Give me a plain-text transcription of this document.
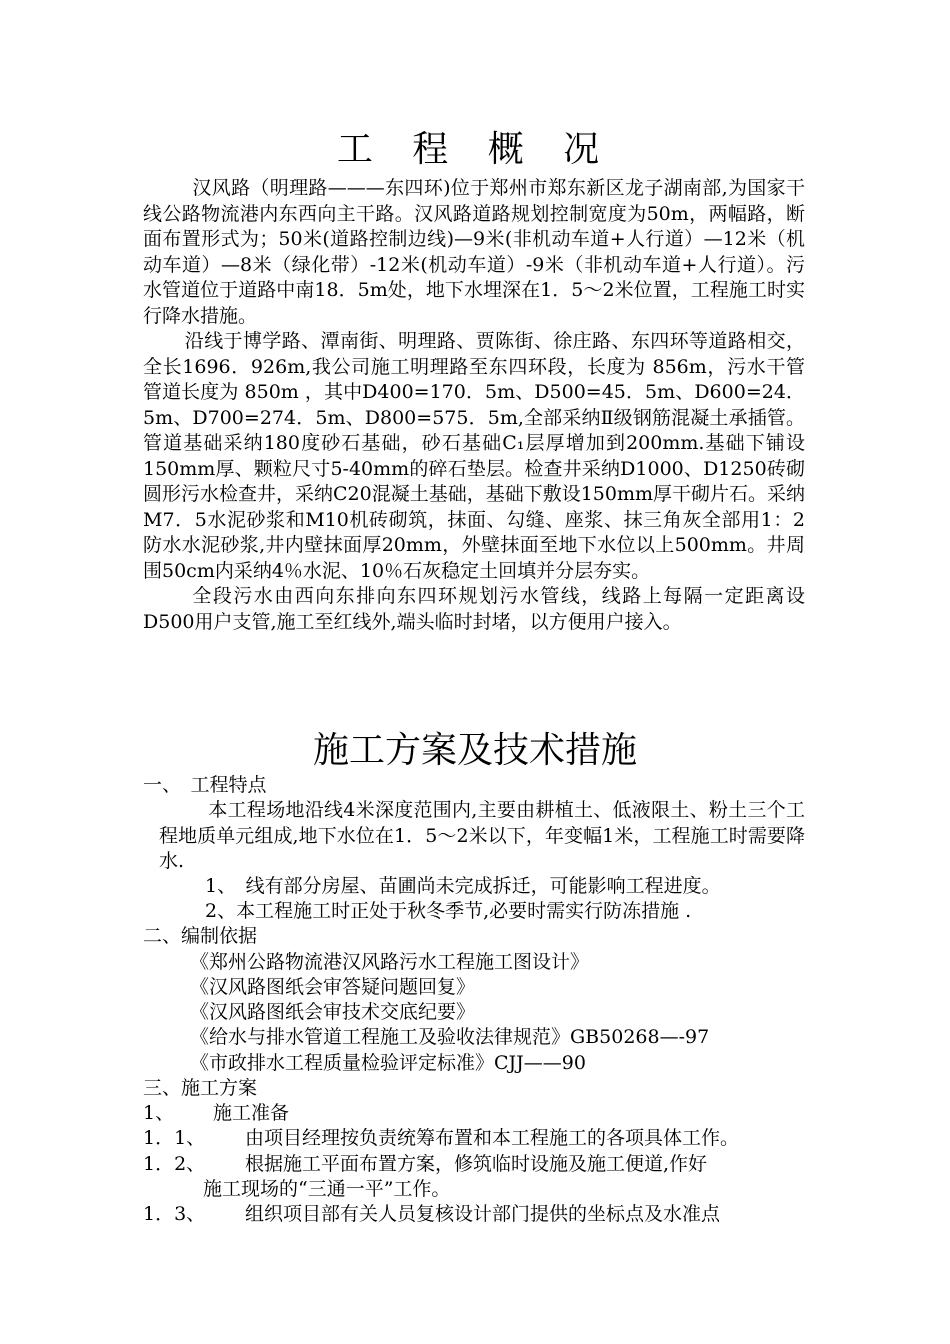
工 程 概 况

汉风路（明理路———东四环)位于郑州市郑东新区龙子湖南部,为国家干线公路物流港内东西向主干路。汉风路道路规划控制宽度为50m，两幅路，断面布置形式为；50米(道路控制边线)—9米(非机动车道+人行道）—12米（机动车道）—8米（绿化带）-12米(机动车道）-9米（非机动车道+人行道）。污水管道位于道路中南18．5m处，地下水埋深在1．5～2米位置，工程施工时实行降水措施。

沿线于博学路、潭南街、明理路、贾陈街、徐庄路、东四环等道路相交，全长1696．926m,我公司施工明理路至东四环段，长度为 856m，污水干管管道长度为 850m ，其中D400=170．5m、D500=45．5m、D600=24．5m、D700=274．5m、D800=575．5m,全部采纳Ⅱ级钢筋混凝土承插管。管道基础采纳180度砂石基础，砂石基础C₁层厚增加到200mm.基础下铺设150mm厚、颗粒尺寸5-40mm的碎石垫层。检查井采纳D1000、D1250砖砌圆形污水检查井，采纳C20混凝土基础，基础下敷设150mm厚干砌片石。采纳M7．5水泥砂浆和M10机砖砌筑，抹面、勾缝、座浆、抹三角灰全部用1：2防水水泥砂浆,井内壁抹面厚20mm，外壁抹面至地下水位以上500mm。井周围50cm内采纳4％水泥、10％石灰稳定土回填并分层夯实。

全段污水由西向东排向东四环规划污水管线，线路上每隔一定距离设D500用户支管,施工至红线外,端头临时封堵，以方便用户接入。

施工方案及技术措施
一、　工程特点

本工程场地沿线4米深度范围内,主要由耕植土、低液限土、粉土三个工程地质单元组成,地下水位在1．5～2米以下，年变幅1米，工程施工时需要降水.

1、　线有部分房屋、苗圃尚未完成拆迁，可能影响工程进度。
2、本工程施工时正处于秋冬季节,必要时需实行防冻措施 .
二、编制依据
《郑州公路物流港汉风路污水工程施工图设计》
《汉风路图纸会审答疑问题回复》
《汉风路图纸会审技术交底纪要》
《给水与排水管道工程施工及验收法律规范》GB50268—-97
《市政排水工程质量检验评定标准》CJJ——90
三、施工方案
1、 施工准备
1．1、 由项目经理按负责统筹布置和本工程施工的各项具体工作。
1．2、 根据施工平面布置方案，修筑临时设施及施工便道,作好
施工现场的“三通一平”工作。
1．3、 组织项目部有关人员复核设计部门提供的坐标点及水准点
